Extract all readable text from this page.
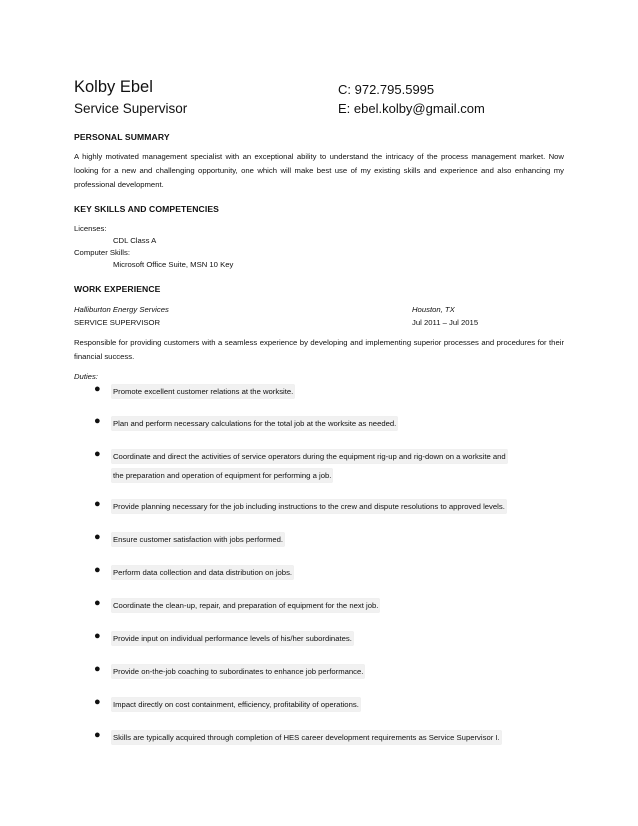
Kolby Ebel
Service Supervisor
C: 972.795.5995
E: ebel.kolby@gmail.com
PERSONAL SUMMARY
A highly motivated management specialist with an exceptional ability to understand the intricacy of the process management market. Now looking for a new and challenging opportunity, one which will make best use of my existing skills and experience and also enhancing my professional development.
KEY SKILLS AND COMPETENCIES
Licenses:
CDL Class A
Computer Skills:
Microsoft Office Suite, MSN 10 Key
WORK EXPERIENCE
Halliburton Energy Services	Houston, TX
SERVICE SUPERVISOR	Jul 2011 – Jul 2015
Responsible for providing customers with a seamless experience by developing and implementing superior processes and procedures for their financial success.
Duties:
● Promote excellent customer relations at the worksite.
● Plan and perform necessary calculations for the total job at the worksite as needed.
● Coordinate and direct the activities of service operators during the equipment rig-up and rig-down on a worksite and
the preparation and operation of equipment for performing a job.
● Provide planning necessary for the job including instructions to the crew and dispute resolutions to approved levels.
● Ensure customer satisfaction with jobs performed.
● Perform data collection and data distribution on jobs.
● Coordinate the clean-up, repair, and preparation of equipment for the next job.
● Provide input on individual performance levels of his/her subordinates.
● Provide on-the-job coaching to subordinates to enhance job performance.
● Impact directly on cost containment, efficiency, profitability of operations.
● Skills are typically acquired through completion of HES career development requirements as Service Supervisor I.
